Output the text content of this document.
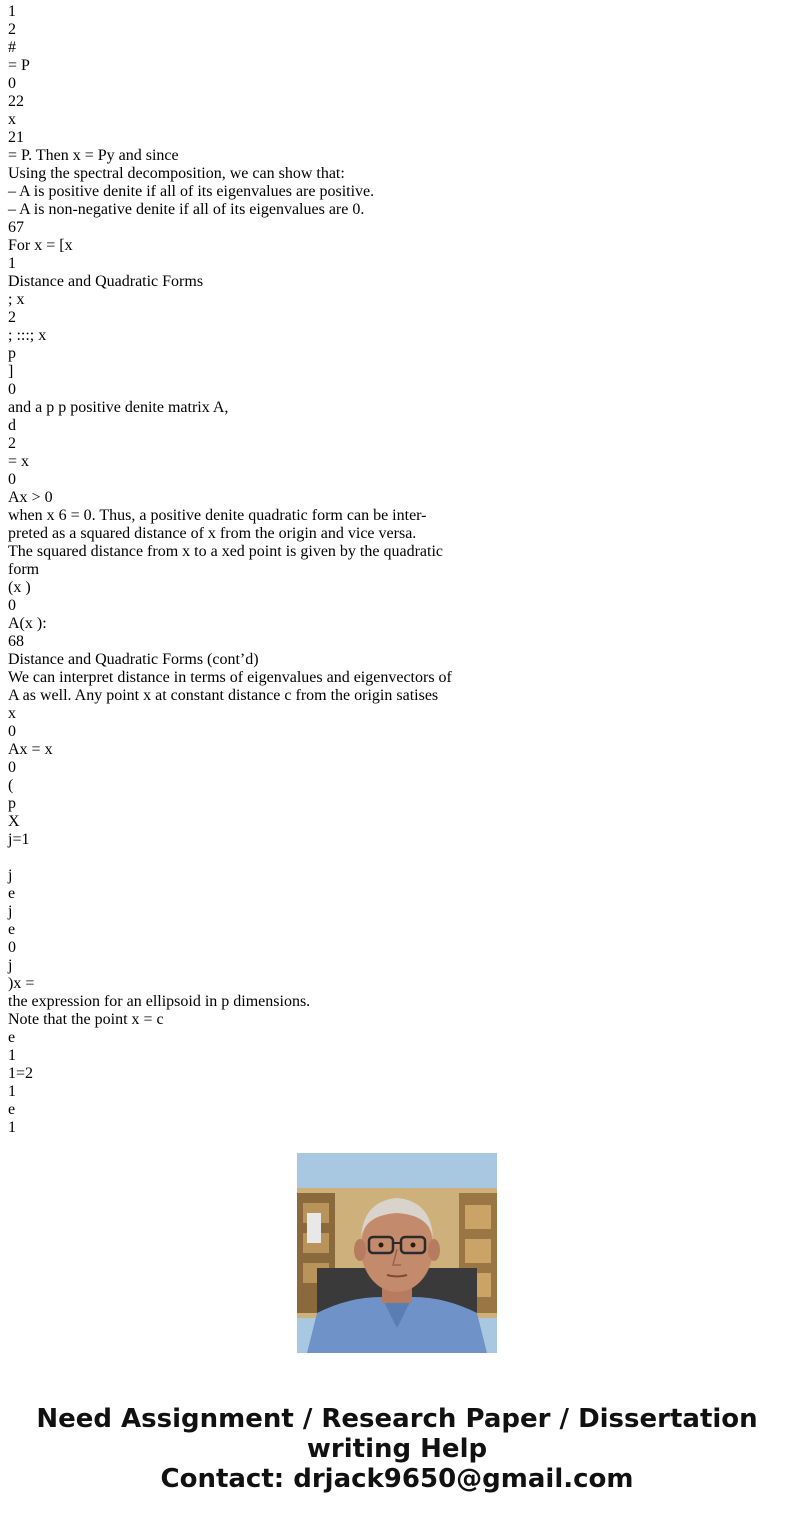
1
2
#
= P
0
22
x
21
= P. Then x = Py and since
Using the spectral decomposition, we can show that:
– A is positive denite if all of its eigenvalues are positive.
– A is non-negative denite if all of its eigenvalues are 0.
67
For x = [x
1
Distance and Quadratic Forms
; x
2
; :::; x
p
]
0
and a p p positive denite matrix A,
d
2
= x
0
Ax > 0
when x 6 = 0. Thus, a positive denite quadratic form can be inter-
preted as a squared distance of x from the origin and vice versa.
The squared distance from x to a xed point is given by the quadratic
form
(x )
0
A(x ):
68
Distance and Quadratic Forms (cont’d)
We can interpret distance in terms of eigenvalues and eigenvectors of
A as well. Any point x at constant distance c from the origin satises
x
0
Ax = x
0
(
p
X
j=1
j
e
j
e
0
j
)x =
the expression for an ellipsoid in p dimensions.
Note that the point x = c
e
1
1=2
1
e
1
Need Assignment / Research Paper / Dissertation
writing Help
Contact: drjack9650@gmail.com
